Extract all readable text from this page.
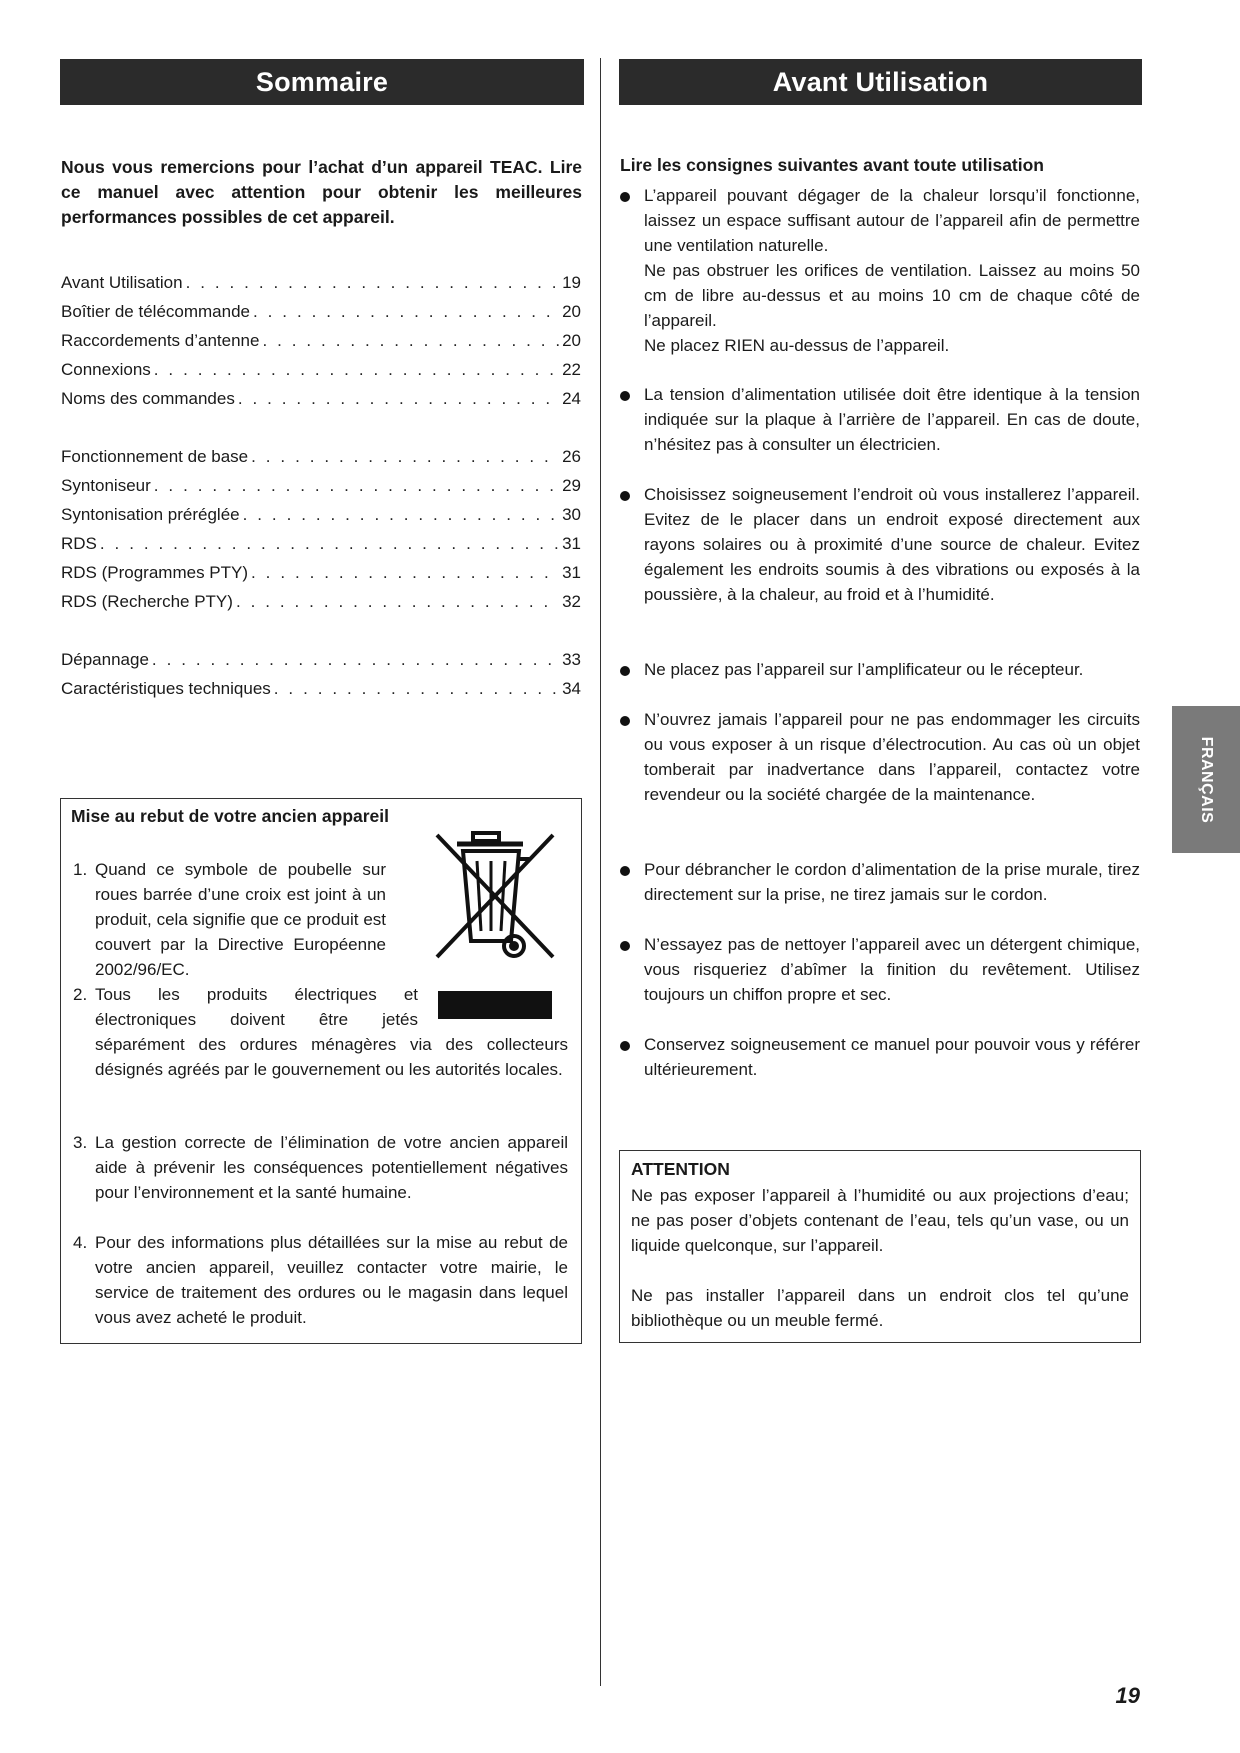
Sommaire
Nous vous remercions pour l’achat d’un appareil TEAC. Lire ce manuel avec attention pour obtenir les meilleures performances possibles de cet appareil.
Avant Utilisation . . .	19
Boîtier de télécommande . . .	20
Raccordements d’antenne . . .	20
Connexions . . .	22
Noms des commandes . . .	24
Fonctionnement de base . . .	26
Syntoniseur . . .	29
Syntonisation préréglée . . .	30
RDS . . .	31
RDS (Programmes PTY) . . .	31
RDS (Recherche PTY) . . .	32
Dépannage . . .	33
Caractéristiques techniques . . .	34
Mise au rebut de votre ancien appareil
1. Quand ce symbole de poubelle sur roues barrée d’une croix est joint à un produit, cela signifie que ce produit est couvert par la Directive Européenne 2002/96/EC.
2. Tous les produits électriques et électroniques doivent être jetés séparément des ordures ménagères via des collecteurs désignés agréés par le gouvernement ou les autorités locales.
3. La gestion correcte de l’élimination de votre ancien appareil aide à prévenir les conséquences potentiellement négatives pour l’environnement et la santé humaine.
4. Pour des informations plus détaillées sur la mise au rebut de votre ancien appareil, veuillez contacter votre mairie, le service de traitement des ordures ou le magasin dans lequel vous avez acheté le produit.
Avant Utilisation
Lire les consignes suivantes avant toute utilisation
L’appareil pouvant dégager de la chaleur lorsqu’il fonctionne, laissez un espace suffisant autour de l’appareil afin de permettre une ventilation naturelle.
Ne pas obstruer les orifices de ventilation. Laissez au moins 50 cm de libre au-dessus et au moins 10 cm de chaque côté de l’appareil.
Ne placez RIEN au-dessus de l’appareil.
La tension d’alimentation utilisée doit être identique à la tension indiquée sur la plaque à l’arrière de l’appareil. En cas de doute, n’hésitez pas à consulter un électricien.
Choisissez soigneusement l’endroit où vous installerez l’appareil. Evitez de le placer dans un endroit exposé directement aux rayons solaires ou à proximité d’une source de chaleur. Evitez également les endroits soumis à des vibrations ou exposés à la poussière, à la chaleur, au froid et à l’humidité.
Ne placez pas l’appareil sur l’amplificateur ou le récepteur.
N’ouvrez jamais l’appareil pour ne pas endommager les circuits ou vous exposer à un risque d’électrocution. Au cas où un objet tomberait par inadvertance dans l’appareil, contactez votre revendeur ou la société chargée de la maintenance.
Pour débrancher le cordon d’alimentation de la prise murale, tirez directement sur la prise, ne tirez jamais sur le cordon.
N’essayez pas de nettoyer l’appareil avec un détergent chimique, vous risqueriez d’abîmer la finition du revêtement. Utilisez toujours un chiffon propre et sec.
Conservez soigneusement ce manuel pour pouvoir vous y référer ultérieurement.
ATTENTION
Ne pas exposer l’appareil à l’humidité ou aux projections d’eau; ne pas poser d’objets contenant de l’eau, tels qu’un vase, ou un liquide quelconque, sur l’appareil.
Ne pas installer l’appareil dans un endroit clos tel qu’une bibliothèque ou un meuble fermé.
FRANÇAIS
19
